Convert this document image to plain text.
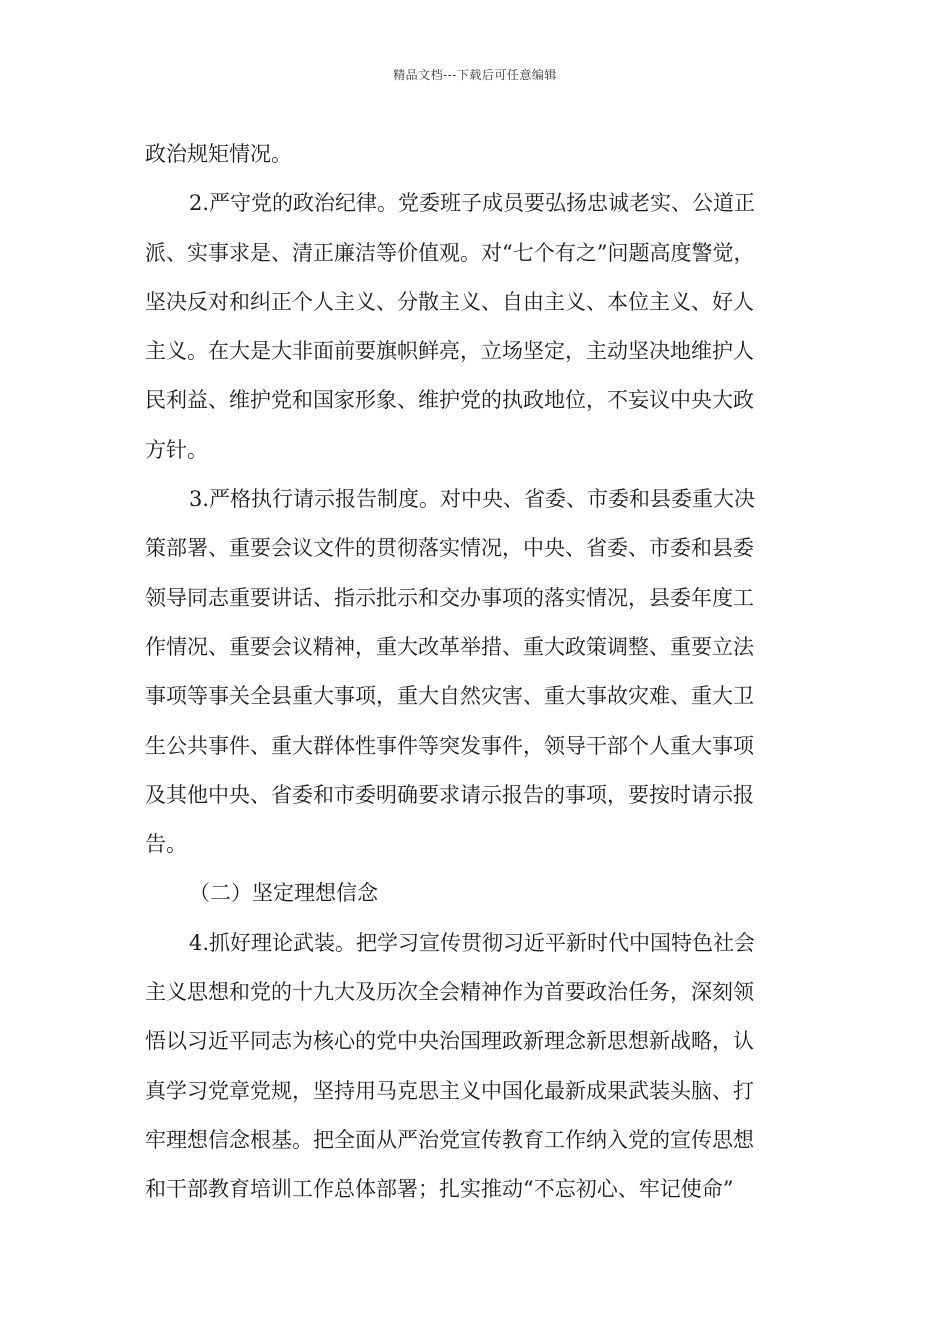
精品文档---下载后可任意编辑
政治规矩情况。
2.严守党的政治纪律。党委班子成员要弘扬忠诚老实、公道正
派、实事求是、清正廉洁等价值观。对“七个有之”问题高度警觉，
坚决反对和纠正个人主义、分散主义、自由主义、本位主义、好人
主义。在大是大非面前要旗帜鲜亮，立场坚定，主动坚决地维护人
民利益、维护党和国家形象、维护党的执政地位，不妄议中央大政
方针。
3.严格执行请示报告制度。对中央、省委、市委和县委重大决
策部署、重要会议文件的贯彻落实情况，中央、省委、市委和县委
领导同志重要讲话、指示批示和交办事项的落实情况，县委年度工
作情况、重要会议精神，重大改革举措、重大政策调整、重要立法
事项等事关全县重大事项，重大自然灾害、重大事故灾难、重大卫
生公共事件、重大群体性事件等突发事件，领导干部个人重大事项
及其他中央、省委和市委明确要求请示报告的事项，要按时请示报
告。
（二）坚定理想信念
4.抓好理论武装。把学习宣传贯彻习近平新时代中国特色社会
主义思想和党的十九大及历次全会精神作为首要政治任务，深刻领
悟以习近平同志为核心的党中央治国理政新理念新思想新战略，认
真学习党章党规，坚持用马克思主义中国化最新成果武装头脑、打
牢理想信念根基。把全面从严治党宣传教育工作纳入党的宣传思想
和干部教育培训工作总体部署；扎实推动“不忘初心、牢记使命”
